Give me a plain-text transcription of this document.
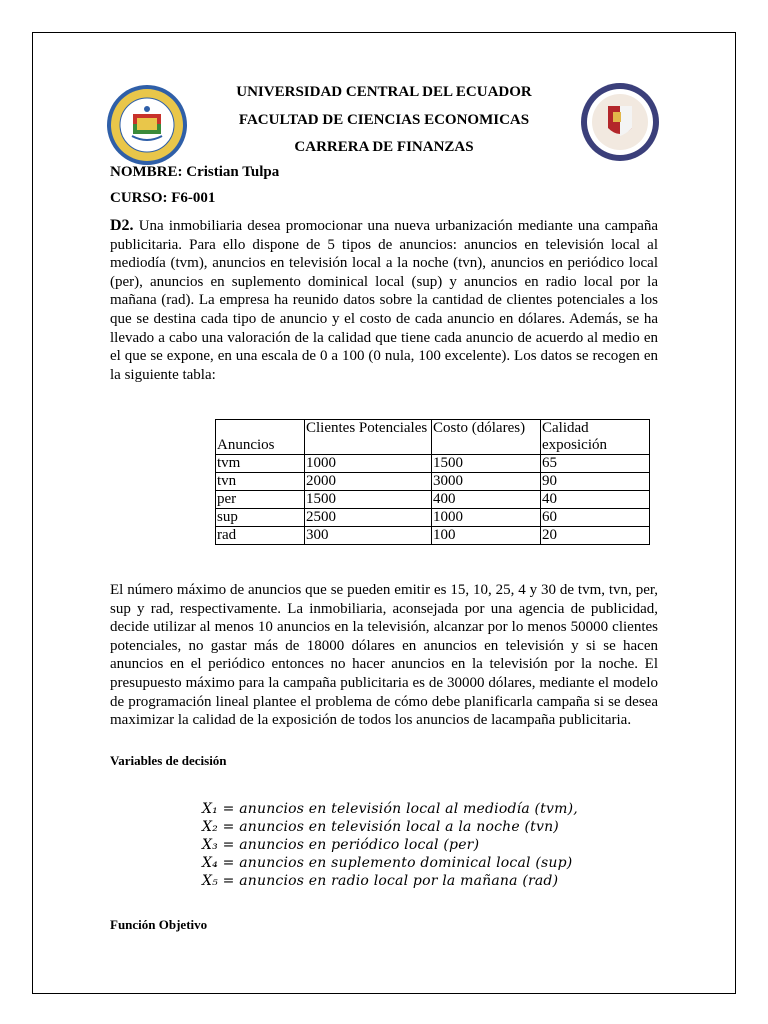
UNIVERSIDAD CENTRAL DEL ECUADOR
FACULTAD DE CIENCIAS ECONOMICAS
CARRERA DE FINANZAS
NOMBRE: Cristian Tulpa
CURSO: F6-001
D2. Una inmobiliaria desea promocionar una nueva urbanización mediante una campaña publicitaria. Para ello dispone de 5 tipos de anuncios: anuncios en televisión local al mediodía (tvm), anuncios en televisión local a la noche (tvn), anuncios en periódico local (per), anuncios en suplemento dominical local (sup) y anuncios en radio local por la mañana (rad). La empresa ha reunido datos sobre la cantidad de clientes potenciales a los que se destina cada tipo de anuncio y el costo de cada anuncio en dólares. Además, se ha llevado a cabo una valoración de la calidad que tiene cada anuncio de acuerdo al medio en el que se expone, en una escala de 0 a 100 (0 nula, 100 excelente). Los datos se recogen en la siguiente tabla:
Anuncios	Clientes Potenciales	Costo (dólares)	Calidad exposición
tvm	1000	1500	65
tvn	2000	3000	90
per	1500	400	40
sup	2500	1000	60
rad	300	100	20
El número máximo de anuncios que se pueden emitir es 15, 10, 25, 4 y 30 de tvm, tvn, per, sup y rad, respectivamente. La inmobiliaria, aconsejada por una agencia de publicidad, decide utilizar al menos 10 anuncios en la televisión, alcanzar por lo menos 50000 clientes potenciales, no gastar más de 18000 dólares en anuncios en televisión y si se hacen anuncios en el periódico entonces no hacer anuncios en la televisión por la noche. El presupuesto máximo para la campaña publicitaria es de 30000 dólares, mediante el modelo de programación lineal plantee el problema de cómo debe planificarla campaña si se desea maximizar la calidad de la exposición de todos los anuncios de lacampaña publicitaria.
Variables de decisión
X₁ = anuncios en televisión local al mediodía (tvm),
X₂ = anuncios en televisión local a la noche (tvn)
X₃ = anuncios en periódico local (per)
X₄ = anuncios en suplemento dominical local (sup)
X₅ = anuncios en radio local por la mañana (rad)
Función Objetivo
